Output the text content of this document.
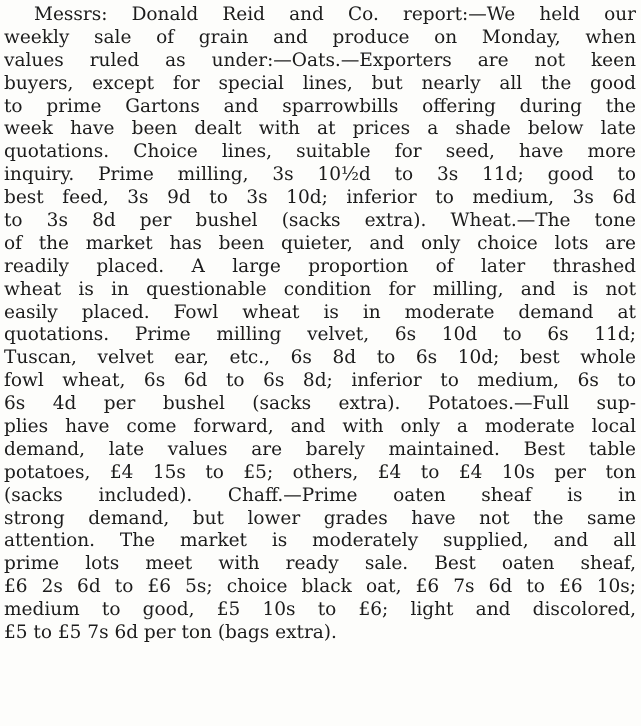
Messrs: Donald Reid and Co. report:—We held our
weekly sale of grain and produce on Monday, when
values ruled as under:—Oats.—Exporters are not keen
buyers, except for special lines, but nearly all the good
to prime Gartons and sparrowbills offering during the
week have been dealt with at prices a shade below late
quotations. Choice lines, suitable for seed, have more
inquiry. Prime milling, 3s 10½d to 3s 11d; good to
best feed, 3s 9d to 3s 10d; inferior to medium, 3s 6d
to 3s 8d per bushel (sacks extra). Wheat.—The tone
of the market has been quieter, and only choice lots are
readily placed. A large proportion of later thrashed
wheat is in questionable condition for milling, and is not
easily placed. Fowl wheat is in moderate demand at
quotations. Prime milling velvet, 6s 10d to 6s 11d;
Tuscan, velvet ear, etc., 6s 8d to 6s 10d; best whole
fowl wheat, 6s 6d to 6s 8d; inferior to medium, 6s to
6s 4d per bushel (sacks extra). Potatoes.—Full sup-
plies have come forward, and with only a moderate local
demand, late values are barely maintained. Best table
potatoes, £4 15s to £5; others, £4 to £4 10s per ton
(sacks included). Chaff.—Prime oaten sheaf is in
strong demand, but lower grades have not the same
attention. The market is moderately supplied, and all
prime lots meet with ready sale. Best oaten sheaf,
£6 2s 6d to £6 5s; choice black oat, £6 7s 6d to £6 10s;
medium to good, £5 10s to £6; light and discolored,
£5 to £5 7s 6d per ton (bags extra).
